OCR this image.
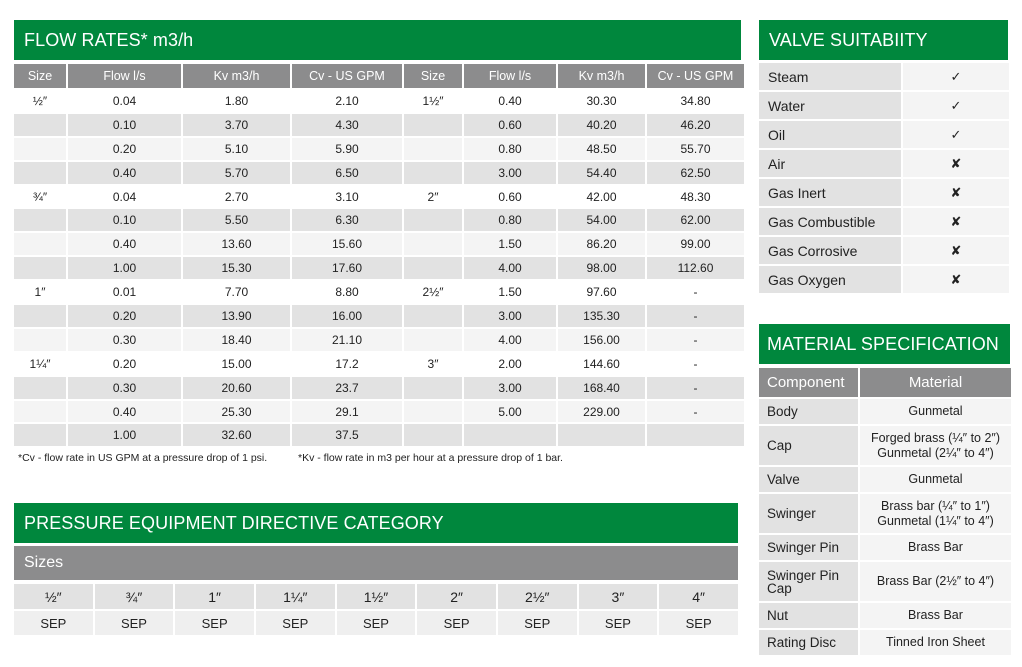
FLOW RATES* m3/h
Size	Flow l/s	Kv m3/h	Cv - US GPM	Size	Flow l/s	Kv m3/h	Cv - US GPM
½″	0.04	1.80	2.10	1½″	0.40	30.30	34.80
	0.10	3.70	4.30		0.60	40.20	46.20
	0.20	5.10	5.90		0.80	48.50	55.70
	0.40	5.70	6.50		3.00	54.40	62.50
¾″	0.04	2.70	3.10	2″	0.60	42.00	48.30
	0.10	5.50	6.30		0.80	54.00	62.00
	0.40	13.60	15.60		1.50	86.20	99.00
	1.00	15.30	17.60		4.00	98.00	112.60
1″	0.01	7.70	8.80	2½″	1.50	97.60	-
	0.20	13.90	16.00		3.00	135.30	-
	0.30	18.40	21.10		4.00	156.00	-
1¼″	0.20	15.00	17.2	3″	2.00	144.60	-
	0.30	20.60	23.7		3.00	168.40	-
	0.40	25.30	29.1		5.00	229.00	-
	1.00	32.60	37.5				
*Cv - flow rate in US GPM at a pressure drop of 1 psi.	*Kv - flow rate in m3 per hour at a pressure drop of 1 bar.
PRESSURE EQUIPMENT DIRECTIVE CATEGORY
Sizes
½″	¾″	1″	1¼″	1½″	2″	2½″	3″	4″
SEP	SEP	SEP	SEP	SEP	SEP	SEP	SEP	SEP
VALVE SUITABIITY
Steam	✓
Water	✓
Oil	✓
Air	✘
Gas Inert	✘
Gas Combustible	✘
Gas Corrosive	✘
Gas Oxygen	✘
MATERIAL SPECIFICATION
Component	Material
Body	Gunmetal

Cap	Forged brass (¼″ to 2″)
Gunmetal (2¼″ to 4″)

Valve	Gunmetal

Swinger	Brass bar (¼″ to 1″)
Gunmetal (1¼″ to 4″)

Swinger Pin	Brass Bar

Swinger Pin Cap	Brass Bar (2½″ to 4″)

Nut	Brass Bar

Rating Disc	Tinned Iron Sheet
